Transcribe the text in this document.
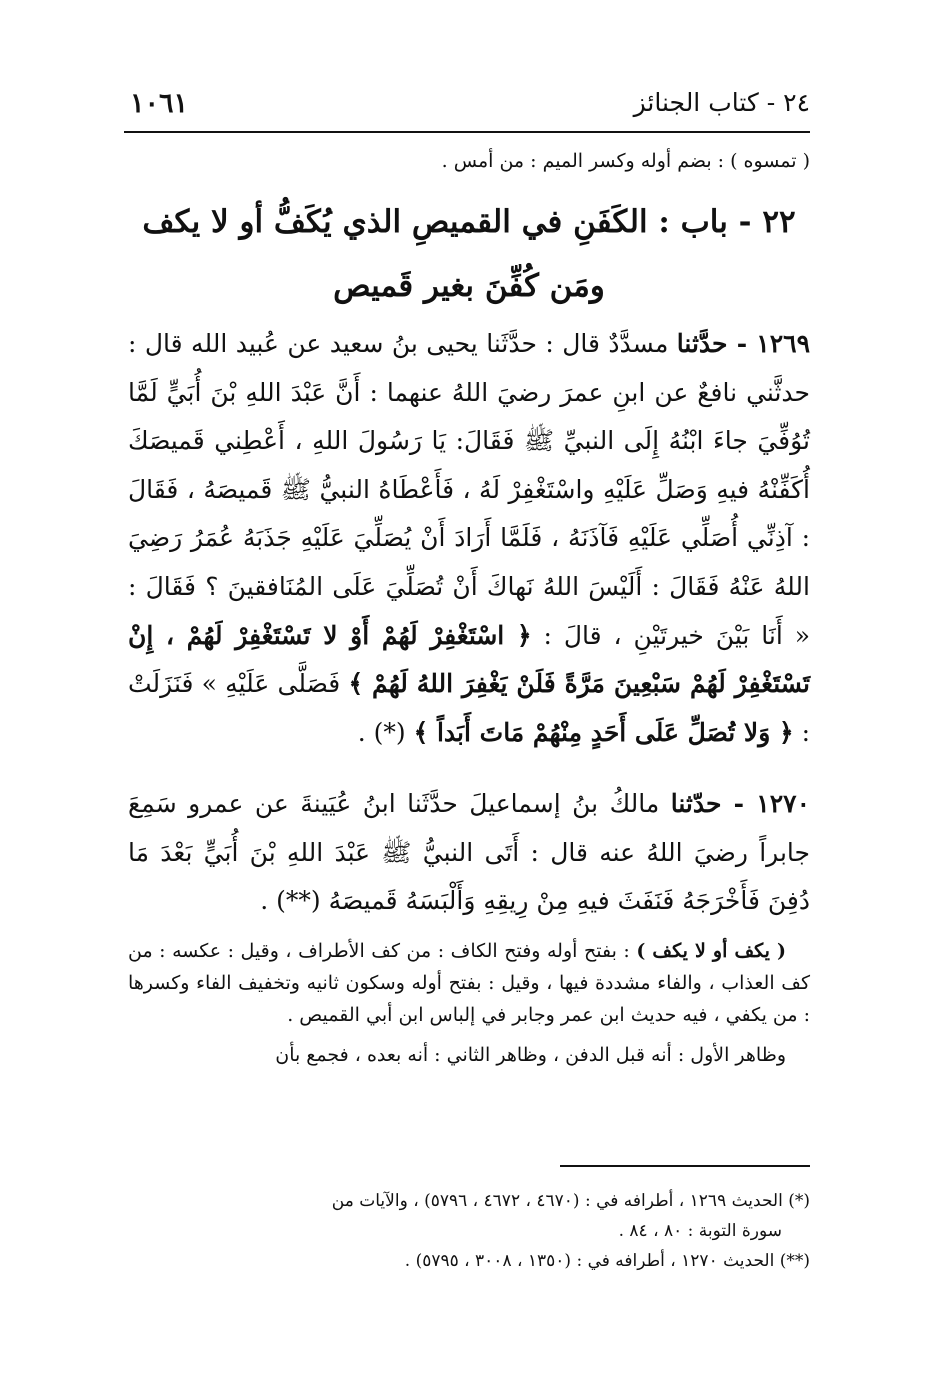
١٠٦١	٢٤ - كتاب الجنائز

( تمسوه ) : بضم أوله وكسر الميم : من أمس .

٢٢ - باب : الكَفَنِ في القميصِ الذي يُكَفُّ أو لا يكف
ومَن كُفِّنَ بغير قَميص

١٢٦٩ - حدَّثنا مسدَّدٌ قال : حدَّثَنا يحيى بنُ سعيد عن عُبيد الله قال : حدثَّني نافعٌ عن ابنِ عمرَ رضيَ اللهُ عنهما : أَنَّ عَبْدَ اللهِ بْنَ أُبَيٍّ لَمَّا تُوُفِّيَ جاءَ ابْنُهُ إِلَى النبيِّ ﷺ فَقَالَ: يَا رَسُولَ اللهِ ، أَعْطِني قَميصَكَ أُكَفِّنْهُ فيهِ وَصَلِّ عَلَيْهِ واسْتَغْفِرْ لَهُ ، فَأَعْطَاهُ النبيُّ ﷺ قَميصَهُ ، فَقَالَ : آذِنِّي أُصَلِّي عَلَيْهِ فَآذَنَهُ ، فَلَمَّا أَرَادَ أَنْ يُصَلِّيَ عَلَيْهِ جَذَبَهُ عُمَرُ رَضِيَ اللهُ عَنْهُ فَقَالَ : أَلَيْسَ اللهُ نَهاكَ أَنْ تُصَلِّيَ عَلَى المُنَافقينَ ؟ فَقَالَ : « أَنَا بَيْنَ خيرتَيْنِ ، قالَ : ﴿ اسْتَغْفِرْ لَهُمْ أَوْ لا تَسْتَغْفِرْ لَهُمْ ، إِنْ تَسْتَغْفِرْ لَهُمْ سَبْعِينَ مَرَّةً فَلَنْ يَغْفِرَ اللهُ لَهُمْ ﴾ فَصَلَّى عَلَيْهِ » فَنَزَلَتْ : ﴿ وَلا تُصَلِّ عَلَى أَحَدٍ مِنْهُمْ مَاتَ أَبَداً ﴾ (*) .

١٢٧٠ - حدّثنا مالكُ بنُ إسماعيلَ حدَّثَنا ابنُ عُيَينةَ عن عمرو سَمِعَ جابراً رضيَ اللهُ عنه قال : أَتَى النبيُّ ﷺ عَبْدَ اللهِ بْنَ أُبَيٍّ بَعْدَ مَا دُفِنَ فَأَخْرَجَهُ فَنَفَثَ فيهِ مِنْ رِيقِهِ وَأَلْبَسَهُ قَميصَهُ (**) .

( يكف أو لا يكف ) : بفتح أوله وفتح الكاف : من كف الأطراف ، وقيل : عكسه : من كف العذاب ، والفاء مشددة فيها ، وقيل : بفتح أوله وسكون ثانيه وتخفيف الفاء وكسرها : من يكفي ، فيه حديث ابن عمر وجابر في إلباس ابن أبي القميص .

وظاهر الأول : أنه قبل الدفن ، وظاهر الثاني : أنه بعده ، فجمع بأن

(*) الحديث ١٢٦٩ ، أطرافه في : (٤٦٧٠ ، ٤٦٧٢ ، ٥٧٩٦) ، والآيات من

سورة التوبة : ٨٠ ، ٨٤ .

(**) الحديث ١٢٧٠ ، أطرافه في : (١٣٥٠ ، ٣٠٠٨ ، ٥٧٩٥) .
